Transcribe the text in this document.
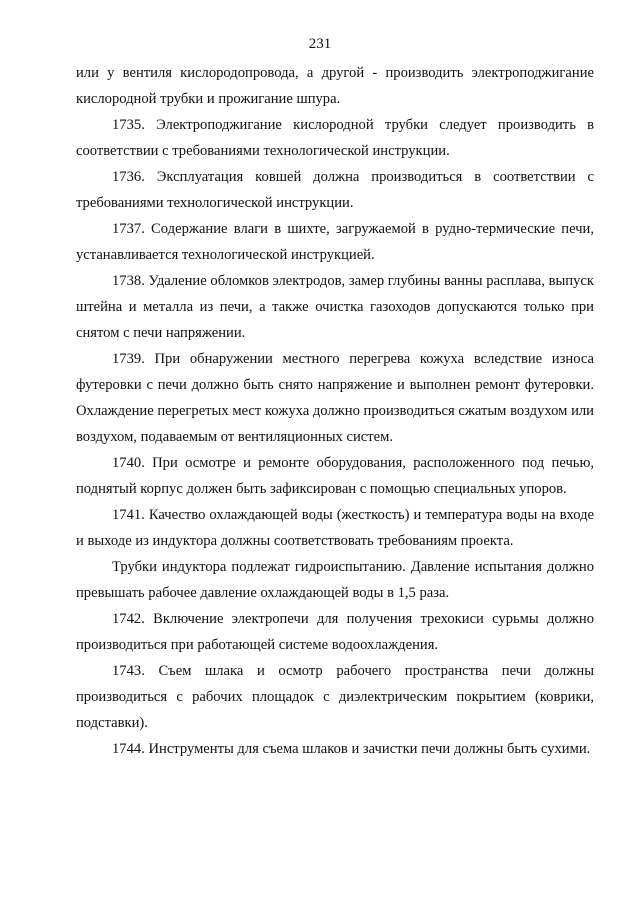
231

или у вентиля кислородопровода, а другой - производить электроподжигание кислородной трубки и прожигание шпура.

1735. Электроподжигание кислородной трубки следует производить в соответствии с требованиями технологической инструкции.

1736. Эксплуатация ковшей должна производиться в соответствии с требованиями технологической инструкции.

1737. Содержание влаги в шихте, загружаемой в рудно-термические печи, устанавливается технологической инструкцией.

1738. Удаление обломков электродов, замер глубины ванны расплава, выпуск штейна и металла из печи, а также очистка газоходов допускаются только при снятом с печи напряжении.

1739. При обнаружении местного перегрева кожуха вследствие износа футеровки с печи должно быть снято напряжение и выполнен ремонт футеровки. Охлаждение перегретых мест кожуха должно производиться сжатым воздухом или воздухом, подаваемым от вентиляционных систем.

1740. При осмотре и ремонте оборудования, расположенного под печью, поднятый корпус должен быть зафиксирован с помощью специальных упоров.

1741. Качество охлаждающей воды (жесткость) и температура воды на входе и выходе из индуктора должны соответствовать требованиям проекта.

Трубки индуктора подлежат гидроиспытанию. Давление испытания должно превышать рабочее давление охлаждающей воды в 1,5 раза.

1742. Включение электропечи для получения трехокиси сурьмы должно производиться при работающей системе водоохлаждения.

1743. Съем шлака и осмотр рабочего пространства печи должны производиться с рабочих площадок с диэлектрическим покрытием (коврики, подставки).

1744. Инструменты для съема шлаков и зачистки печи должны быть сухими.
